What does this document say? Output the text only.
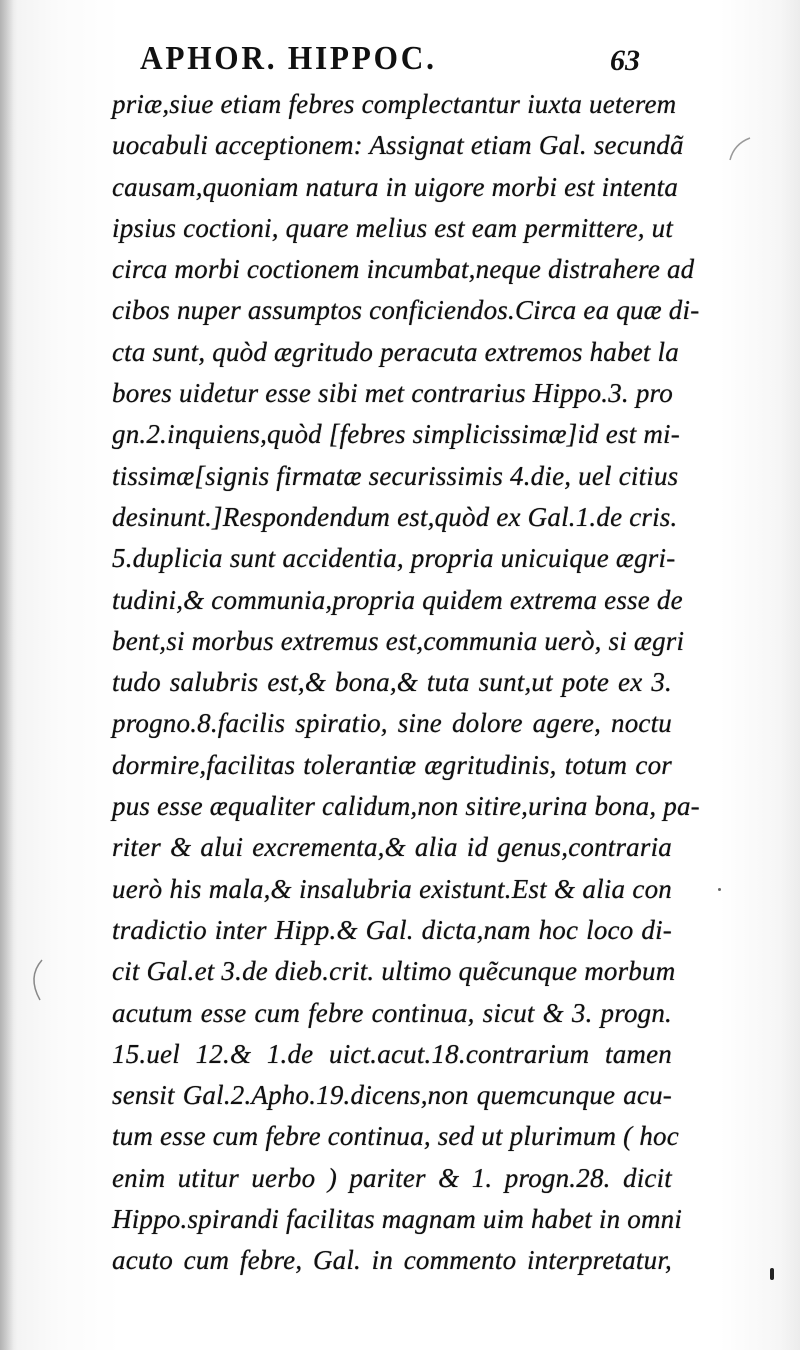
APHOR. HIPPOC.	63
priæ,siue etiam febres complectantur iuxta ueterem
uocabuli acceptionem: Assignat etiam Gal. secundã
causam,quoniam natura in uigore morbi est intenta
ipsius coctioni, quare melius est eam permittere, ut
circa morbi coctionem incumbat,neque distrahere ad
cibos nuper assumptos conficiendos.Circa ea quæ di-
cta sunt, quòd ægritudo peracuta extremos habet la
bores uidetur esse sibi met contrarius Hippo.3. pro
gn.2.inquiens,quòd [febres simplicissimæ]id est mi-
tissimæ[signis firmatæ securissimis 4.die, uel citius
desinunt.]Respondendum est,quòd ex Gal.1.de cris.
5.duplicia sunt accidentia, propria unicuique ægri-
tudini,& communia,propria quidem extrema esse de
bent,si morbus extremus est,communia uerò, si ægri
tudo salubris est,& bona,& tuta sunt,ut pote ex 3.
progno.8.facilis spiratio, sine dolore agere, noctu
dormire,facilitas tolerantiæ ægritudinis, totum cor
pus esse æqualiter calidum,non sitire,urina bona, pa-
riter & alui excrementa,& alia id genus,contraria
uerò his mala,& insalubria existunt.Est & alia con
tradictio inter Hipp.& Gal. dicta,nam hoc loco di-
cit Gal.et 3.de dieb.crit. ultimo quẽcunque morbum
acutum esse cum febre continua, sicut & 3. progn.
15.uel 12.& 1.de uict.acut.18.contrarium tamen
sensit Gal.2.Apho.19.dicens,non quemcunque acu-
tum esse cum febre continua, sed ut plurimum ( hoc
enim utitur uerbo ) pariter & 1. progn.28. dicit
Hippo.spirandi facilitas magnam uim habet in omni
acuto cum febre, Gal. in commento interpretatur,
